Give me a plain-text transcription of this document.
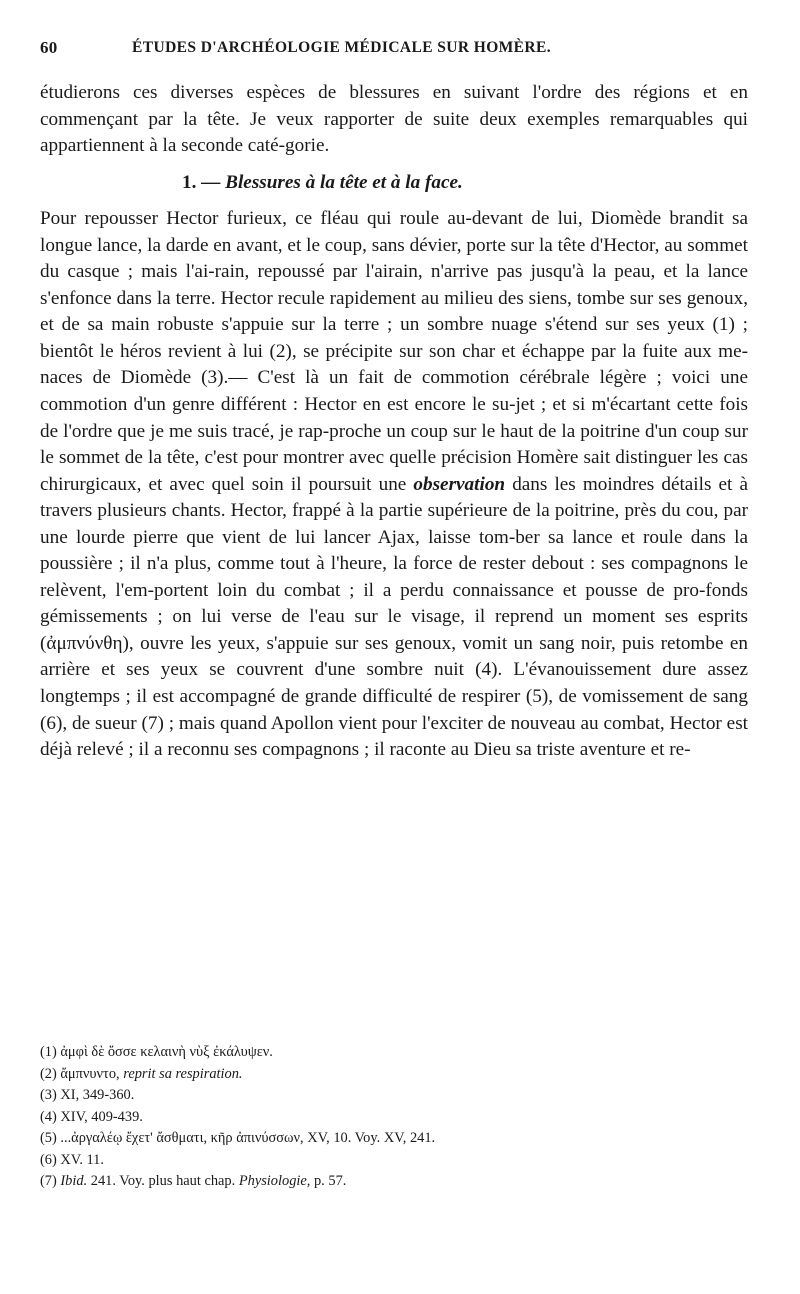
60	ÉTUDES D'ARCHÉOLOGIE MÉDICALE SUR HOMÈRE.

étudierons ces diverses espèces de blessures en suivant l'ordre des régions et en commençant par la tête. Je veux rapporter de suite deux exemples remarquables qui appartiennent à la seconde caté-gorie.

1. — Blessures à la tête et à la face.

Pour repousser Hector furieux, ce fléau qui roule au-devant de lui, Diomède brandit sa longue lance, la darde en avant, et le coup, sans dévier, porte sur la tête d'Hector, au sommet du casque ; mais l'ai-rain, repoussé par l'airain, n'arrive pas jusqu'à la peau, et la lance s'enfonce dans la terre. Hector recule rapidement au milieu des siens, tombe sur ses genoux, et de sa main robuste s'appuie sur la terre ; un sombre nuage s'étend sur ses yeux (1) ; bientôt le héros revient à lui (2), se précipite sur son char et échappe par la fuite aux me-naces de Diomède (3).— C'est là un fait de commotion cérébrale légère ; voici une commotion d'un genre différent : Hector en est encore le su-jet ; et si m'écartant cette fois de l'ordre que je me suis tracé, je rap-proche un coup sur le haut de la poitrine d'un coup sur le sommet de la tête, c'est pour montrer avec quelle précision Homère sait distinguer les cas chirurgicaux, et avec quel soin il poursuit une observation dans les moindres détails et à travers plusieurs chants. Hector, frappé à la partie supérieure de la poitrine, près du cou, par une lourde pierre que vient de lui lancer Ajax, laisse tom-ber sa lance et roule dans la poussière ; il n'a plus, comme tout à l'heure, la force de rester debout : ses compagnons le relèvent, l'em-portent loin du combat ; il a perdu connaissance et pousse de pro-fonds gémissements ; on lui verse de l'eau sur le visage, il reprend un moment ses esprits (ἀμπνύνθη), ouvre les yeux, s'appuie sur ses genoux, vomit un sang noir, puis retombe en arrière et ses yeux se couvrent d'une sombre nuit (4). L'évanouissement dure assez longtemps ; il est accompagné de grande difficulté de respirer (5), de vomissement de sang (6), de sueur (7) ; mais quand Apollon vient pour l'exciter de nouveau au combat, Hector est déjà relevé ; il a reconnu ses compagnons ; il raconte au Dieu sa triste aventure et re-

(1) ἀμφὶ δὲ ὄσσε κελαινὴ νὺξ ἐκάλυψεν.
(2) ἄμπνυντο, reprit sa respiration.
(3) XI, 349-360.
(4) XIV, 409-439.
(5) ...ἀργαλέῳ ἔχετ' ἄσθματι, κῆρ ἀπινύσσων, XV, 10. Voy. XV, 241.
(6) XV. 11.
(7) Ibid. 241. Voy. plus haut chap. Physiologie, p. 57.
